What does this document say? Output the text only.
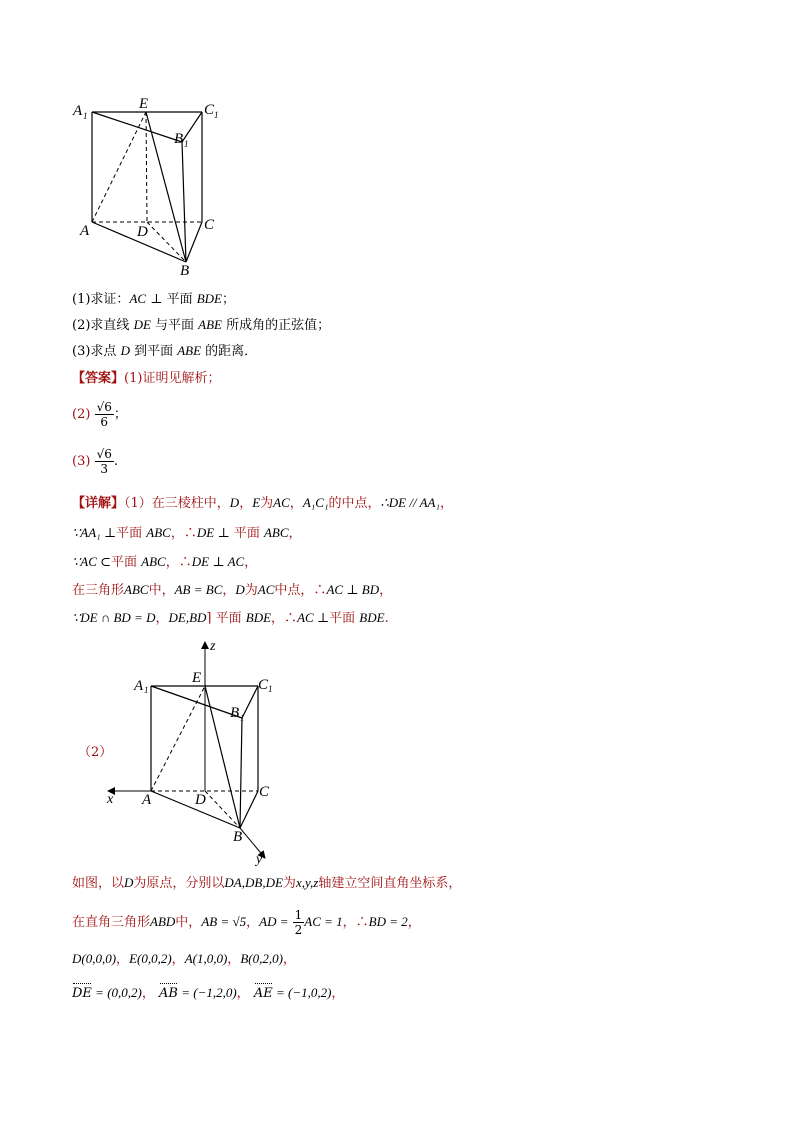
A 1
E	C 1
B 1
A	D	C
B
(1)求证：AC ⊥ 平面 BDE；
(2)求直线 DE 与平面 ABE 所成角的正弦值；
(3)求点 D 到平面 ABE 的距离．
【答案】(1)证明见解析；
$(2) \frac{√6}{6}$ ；
$(3) \frac{√6}{3}$ .
【详解】（1）在三棱柱中，D，E为AC，A₁C₁的中点，∴DE // AA₁，
∵AA₁ ⊥平面 ABC，∴DE ⊥ 平面 ABC，
∵AC ⊂平面 ABC，∴DE ⊥ AC，
在三角形ABC中，AB = BC，D为AC中点，∴AC ⊥ BD，
∵DE ∩ BD = D，DE,BD⌉ 平面 BDE，∴AC ⊥平面 BDE.
（2）
z
A 1
E	C 1
B 1
x A	D	C
B
y
如图，以D为原点，分别以DA,DB,DE为x,y,z轴建立空间直角坐标系，
在直角三角形ABD中，AB = √5，AD = $\frac{1}{2}$ AC = 1，∴BD = 2，
D(0,0,0)，E(0,0,2)，A(1,0,0)，B(0,2,0)，
DE = (0,0,2)， AB = (−1,2,0)， AE = (−1,0,2)，
